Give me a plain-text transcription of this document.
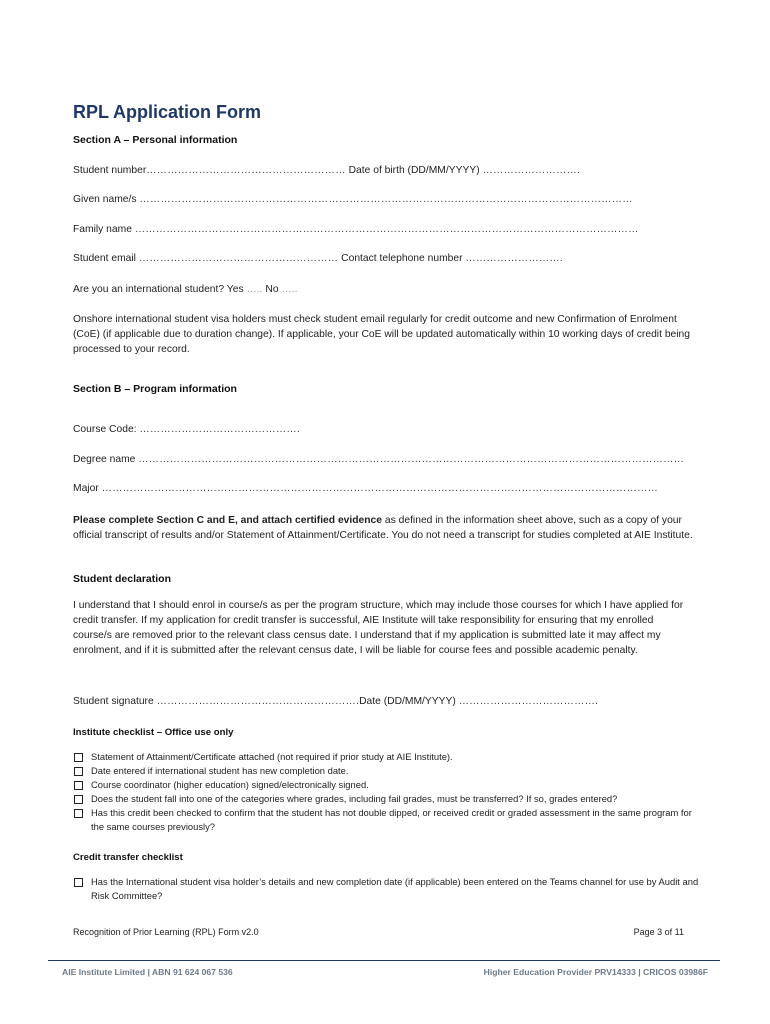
RPL Application Form
Section A – Personal information
Student number………………………………………………… Date of birth (DD/MM/YYYY) ……………………….
Given name/s ……………………………………………………………………………………………………………………………
Family name ………………………………………………………………………………………………………………………………
Student email ………………………………………………… Contact telephone number ……………………….
Are you an international student? Yes ….. No …..
Onshore international student visa holders must check student email regularly for credit outcome and new Confirmation of Enrolment (CoE) (if applicable due to duration change). If applicable, your CoE will be updated automatically within 10 working days of credit being processed to your record.
Section B – Program information
Course Code: ……………………………………….
Degree name …………………………………………………………………………………………………………………………………………
Major ……………………………………………………………………………………………………………………………………………
Please complete Section C and E, and attach certified evidence as defined in the information sheet above, such as a copy of your official transcript of results and/or Statement of Attainment/Certificate. You do not need a transcript for studies completed at AIE Institute.
Student declaration
I understand that I should enrol in course/s as per the program structure, which may include those courses for which I have applied for credit transfer. If my application for credit transfer is successful, AIE Institute will take responsibility for ensuring that my enrolled course/s are removed prior to the relevant class census date. I understand that if my application is submitted late it may affect my enrolment, and if it is submitted after the relevant census date, I will be liable for course fees and possible academic penalty.
Student signature ………………………………………………….Date (DD/MM/YYYY) ………………………………….
Institute checklist – Office use only
Statement of Attainment/Certificate attached (not required if prior study at AIE Institute).
Date entered if international student has new completion date.
Course coordinator (higher education) signed/electronically signed.
Does the student fall into one of the categories where grades, including fail grades, must be transferred? If so, grades entered?
Has this credit been checked to confirm that the student has not double dipped, or received credit or graded assessment in the same program for the same courses previously?
Credit transfer checklist
Has the International student visa holder’s details and new completion date (if applicable) been entered on the Teams channel for use by Audit and Risk Committee?
Recognition of Prior Learning (RPL) Form v2.0	Page 3 of 11
AIE Institute Limited | ABN 91 624 067 536	Higher Education Provider PRV14333 | CRICOS 03986F
